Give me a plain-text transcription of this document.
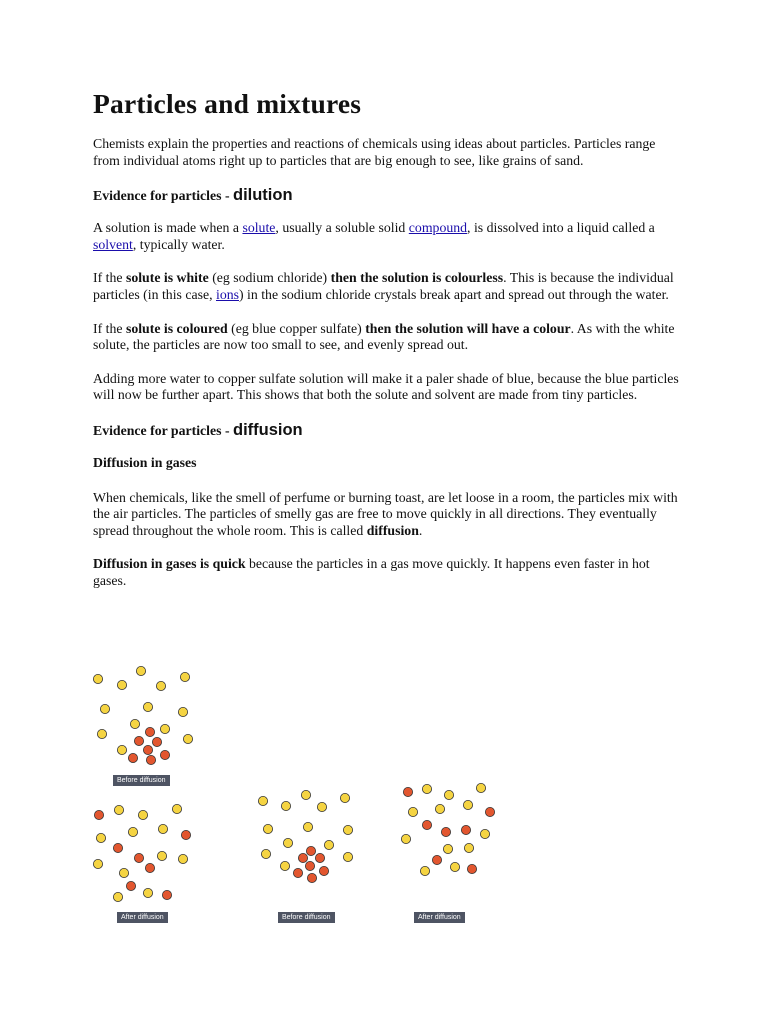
Particles and mixtures

Chemists explain the properties and reactions of chemicals using ideas about particles. Particles range from individual atoms right up to particles that are big enough to see, like grains of sand.

Evidence for particles - dilution

A solution is made when a solute, usually a soluble solid compound, is dissolved into a liquid called a solvent, typically water.

If the solute is white (eg sodium chloride) then the solution is colourless. This is because the individual particles (in this case, ions) in the sodium chloride crystals break apart and spread out through the water.

If the solute is coloured (eg blue copper sulfate) then the solution will have a colour. As with the white solute, the particles are now too small to see, and evenly spread out.

Adding more water to copper sulfate solution will make it a paler shade of blue, because the blue particles will now be further apart. This shows that both the solute and solvent are made from tiny particles.

Evidence for particles - diffusion
Diffusion in gases

When chemicals, like the smell of perfume or burning toast, are let loose in a room, the particles mix with the air particles. The particles of smelly gas are free to move quickly in all directions. They eventually spread throughout the whole room. This is called diffusion.

Diffusion in gases is quick because the particles in a gas move quickly. It happens even faster in hot gases.

Before diffusion
After diffusion	Before diffusion	After diffusion
